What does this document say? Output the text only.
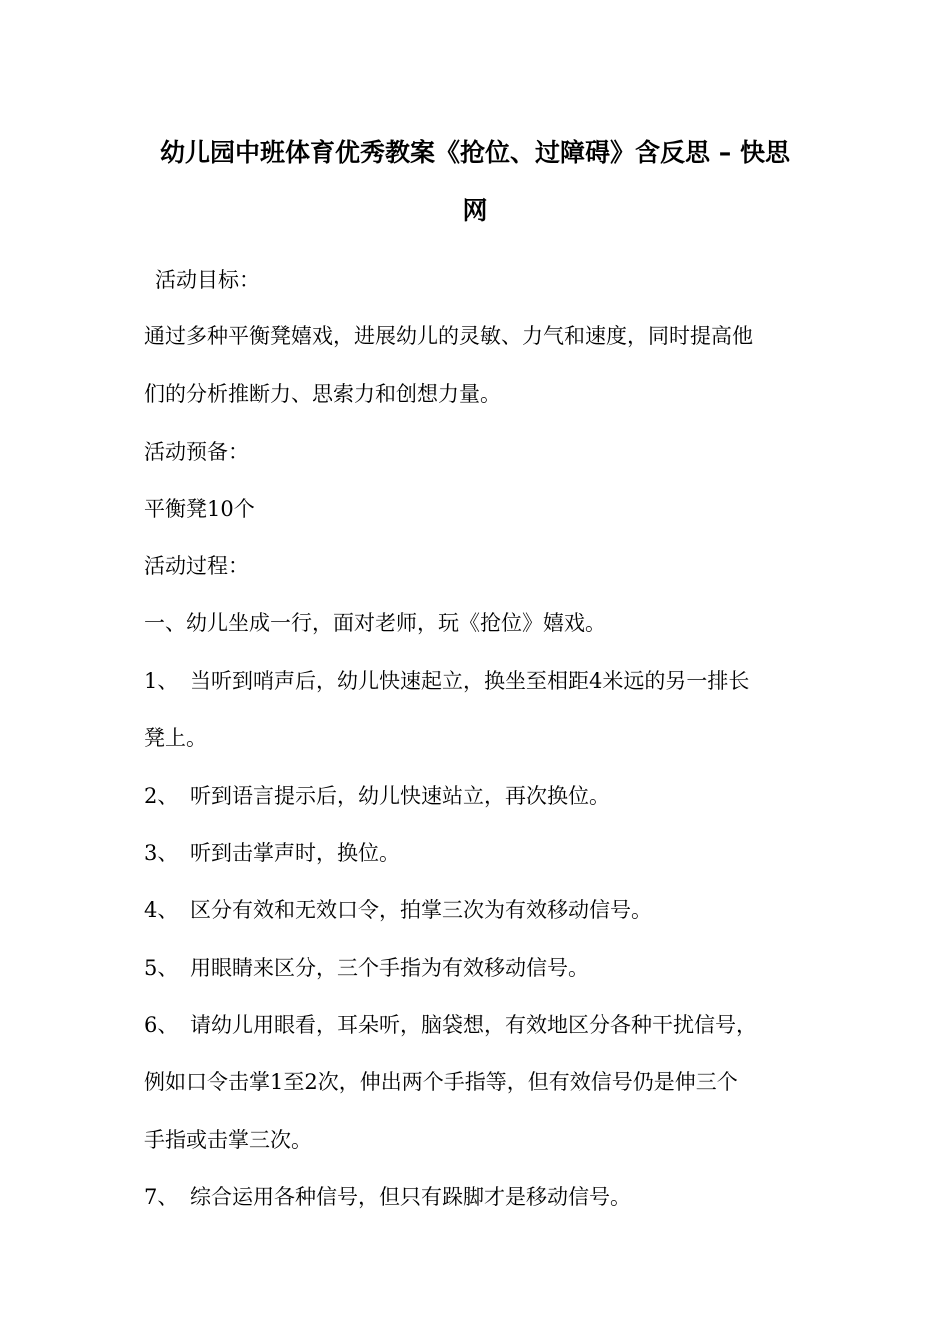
幼儿园中班体育优秀教案《抢位、过障碍》含反思 – 快思
网
活动目标：
通过多种平衡凳嬉戏，进展幼儿的灵敏、力气和速度，同时提高他
们的分析推断力、思索力和创想力量。
活动预备：
平衡凳10个
活动过程：
一、幼儿坐成一行，面对老师，玩《抢位》嬉戏。
1、 当听到哨声后，幼儿快速起立，换坐至相距4米远的另一排长
凳上。
2、 听到语言提示后，幼儿快速站立，再次换位。
3、 听到击掌声时，换位。
4、 区分有效和无效口令，拍掌三次为有效移动信号。
5、 用眼睛来区分，三个手指为有效移动信号。
6、 请幼儿用眼看，耳朵听，脑袋想，有效地区分各种干扰信号，
例如口令击掌1至2次，伸出两个手指等，但有效信号仍是伸三个
手指或击掌三次。
7、 综合运用各种信号，但只有跺脚才是移动信号。
